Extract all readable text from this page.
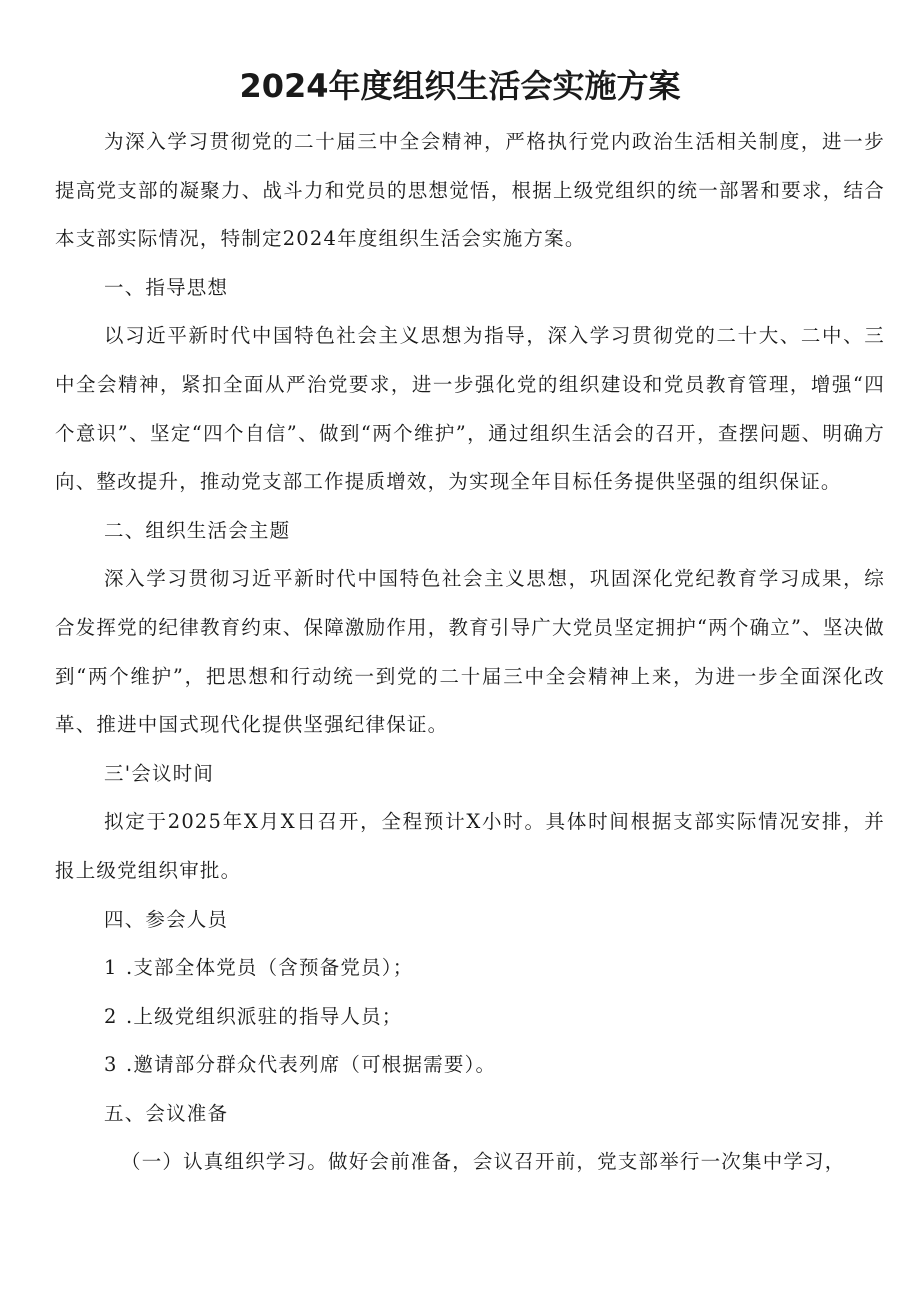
2024年度组织生活会实施方案

为深入学习贯彻党的二十届三中全会精神，严格执行党内政治生活相关制度，进一步提高党支部的凝聚力、战斗力和党员的思想觉悟，根据上级党组织的统一部署和要求，结合本支部实际情况，特制定2024年度组织生活会实施方案。

一、指导思想

以习近平新时代中国特色社会主义思想为指导，深入学习贯彻党的二十大、二中、三中全会精神，紧扣全面从严治党要求，进一步强化党的组织建设和党员教育管理，增强“四个意识”、坚定“四个自信”、做到“两个维护”，通过组织生活会的召开，查摆问题、明确方向、整改提升，推动党支部工作提质增效，为实现全年目标任务提供坚强的组织保证。

二、组织生活会主题

深入学习贯彻习近平新时代中国特色社会主义思想，巩固深化党纪教育学习成果，综合发挥党的纪律教育约束、保障激励作用，教育引导广大党员坚定拥护“两个确立”、坚决做到“两个维护”，把思想和行动统一到党的二十届三中全会精神上来，为进一步全面深化改革、推进中国式现代化提供坚强纪律保证。

三'会议时间

拟定于2025年X月X日召开，全程预计X小时。具体时间根据支部实际情况安排，并报上级党组织审批。

四、参会人员

1 .支部全体党员（含预备党员）；

2 .上级党组织派驻的指导人员；

3 .邀请部分群众代表列席（可根据需要）。

五、会议准备

（一）认真组织学习。做好会前准备，会议召开前，党支部举行一次集中学习，
